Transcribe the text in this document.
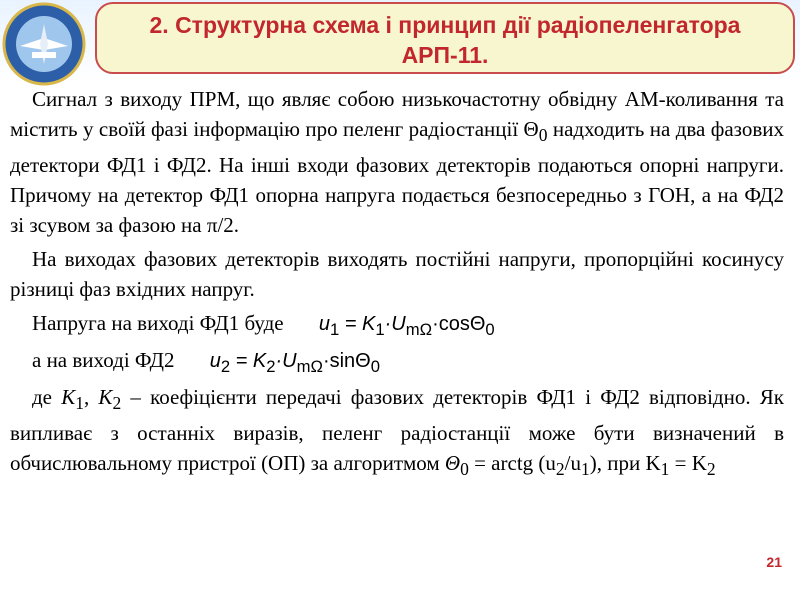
2. Структурна схема і принцип дії радіопеленгатора
АРП-11.

Сигнал з виходу ПРМ, що являє собою низькочастотну обвідну АМ-коливання та містить у своїй фазі інформацію про пеленг радіостанції $\Theta_0$ надходить на два фазових детектори ФД1 і ФД2. На інші входи фазових детекторів подаються опорні напруги. Причому на детектор ФД1 опорна напруга подається безпосередньо з ГОН, а на ФД2 зі зсувом за фазою на π/2.

На виходах фазових детекторів виходять постійні напруги, пропорційні косинусу різниці фаз вхідних напруг.

Напруга на виході ФД1 буде $u_1 = K_1\cdot U_{m\Omega}\cdot\cos\Theta_0$

а на виході ФД2 $u_2 = K_2\cdot U_{m\Omega}\cdot\sin\Theta_0$

де $K_1$, $K_2$ – коефіцієнти передачі фазових детекторів ФД1 і ФД2 відповідно. Як випливає з останніх виразів, пеленг радіостанції може бути визначений в обчислювальному пристрої (ОП) за алгоритмом $\Theta_0$ = arctg $(u_2/u_1)$, при $K_1 = K_2$

21
